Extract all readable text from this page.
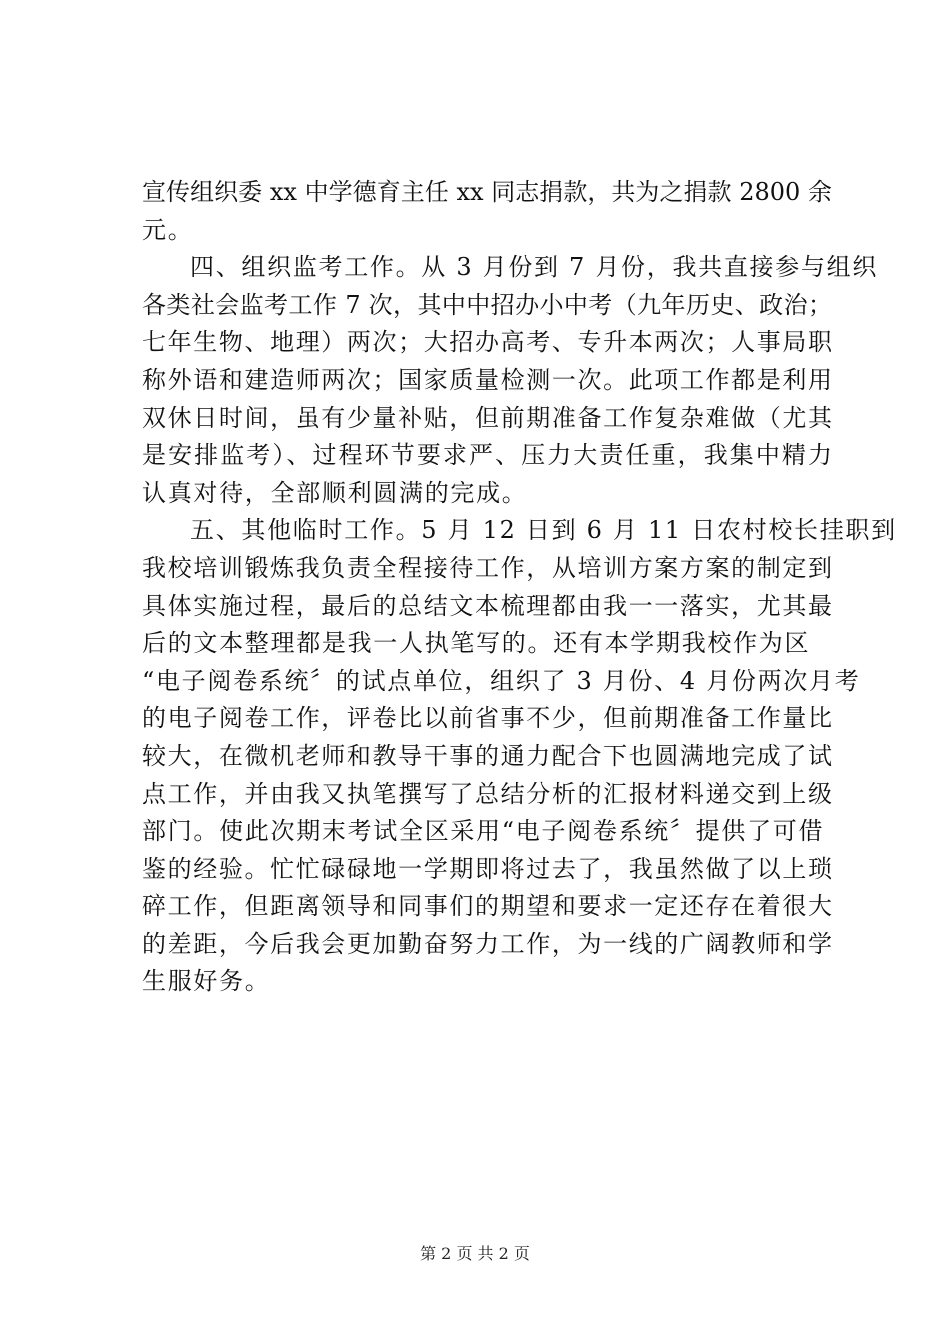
宣传组织委 xx 中学德育主任 xx 同志捐款，共为之捐款 2800 余
元。
四、组织监考工作。从 3 月份到 7 月份，我共直接参与组织
各类社会监考工作 7 次，其中中招办小中考（九年历史、政治；
七年生物、地理）两次；大招办高考、专升本两次；人事局职
称外语和建造师两次；国家质量检测一次。此项工作都是利用
双休日时间，虽有少量补贴，但前期准备工作复杂难做（尤其
是安排监考）、过程环节要求严、压力大责任重，我集中精力
认真对待，全部顺利圆满的完成。
五、其他临时工作。5 月 12 日到 6 月 11 日农村校长挂职到
我校培训锻炼我负责全程接待工作，从培训方案方案的制定到
具体实施过程，最后的总结文本梳理都由我一一落实，尤其最
后的文本整理都是我一人执笔写的。还有本学期我校作为区
“电子阅卷系统〞的试点单位，组织了 3 月份、4 月份两次月考
的电子阅卷工作，评卷比以前省事不少，但前期准备工作量比
较大，在微机老师和教导干事的通力配合下也圆满地完成了试
点工作，并由我又执笔撰写了总结分析的汇报材料递交到上级
部门。使此次期末考试全区采用“电子阅卷系统〞提供了可借
鉴的经验。忙忙碌碌地一学期即将过去了，我虽然做了以上琐
碎工作，但距离领导和同事们的期望和要求一定还存在着很大
的差距，今后我会更加勤奋努力工作，为一线的广阔教师和学
生服好务。
第 2 页 共 2 页
